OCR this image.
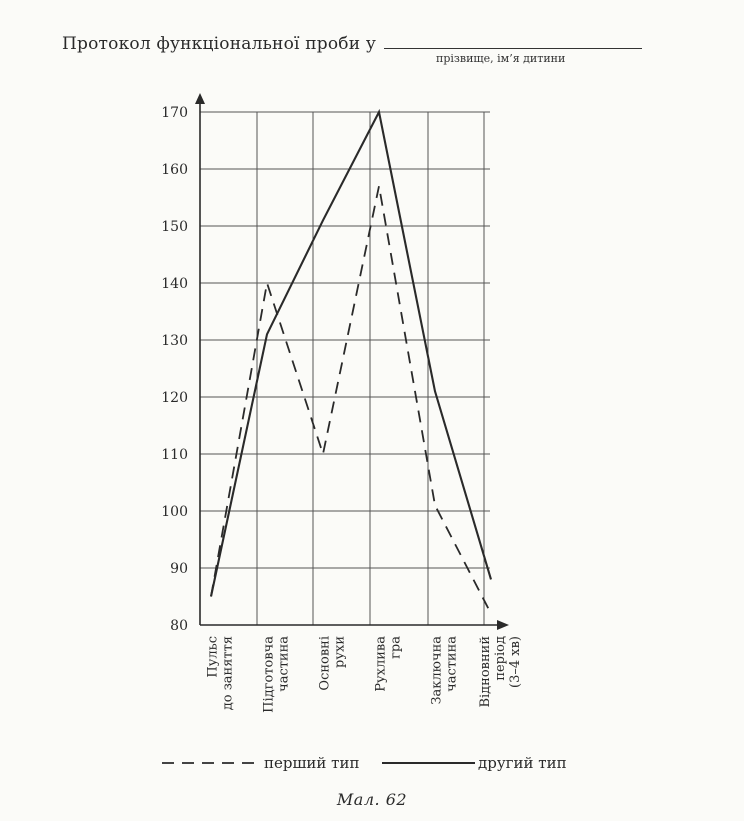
Протокол функціональної проби у
прізвище, ім’я дитини
80
90
100
110
120
130
140
150
160
170
Пульс до заняття Підготовча частина Основні рухи Рухлива гра Заключна частина Відновний період (3–4 хв)
перший тип	другий тип
Мал. 62
